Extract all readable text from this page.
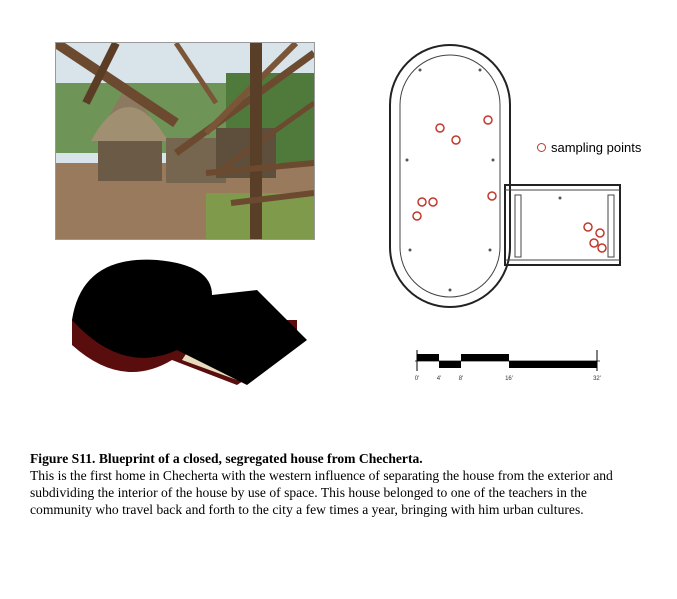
sampling points
0'	4'	8'	16'	32'
Figure S11. Blueprint of a closed, segregated house from Checherta.
This is the first home in Checherta with the western influence of separating the house from the exterior and subdividing the interior of the house by use of space. This house belonged to one of the teachers in the community who travel back and forth to the city a few times a year, bringing with him urban cultures.
